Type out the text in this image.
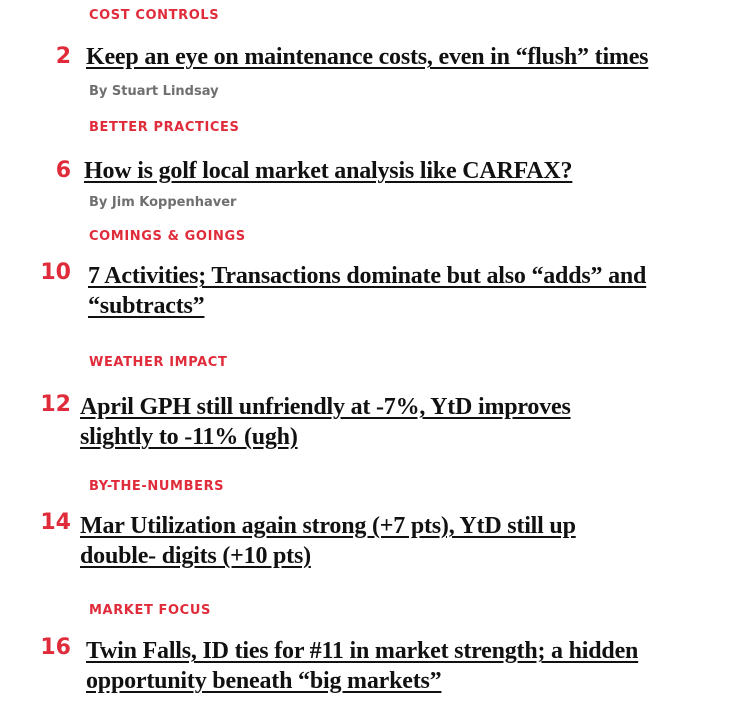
COST CONTROLS
2 Keep an eye on maintenance costs, even in “flush” times
By Stuart Lindsay
BETTER PRACTICES
6 How is golf local market analysis like CARFAX?
By Jim Koppenhaver
COMINGS & GOINGS
10 7 Activities; Transactions dominate but also “adds” and “subtracts”
WEATHER IMPACT
12 April GPH still unfriendly at -7%, YtD improves slightly to -11% (ugh)
BY-THE-NUMBERS
14 Mar Utilization again strong (+7 pts), YtD still up double- digits (+10 pts)
MARKET FOCUS
16 Twin Falls, ID ties for #11 in market strength; a hidden opportunity beneath “big markets”
